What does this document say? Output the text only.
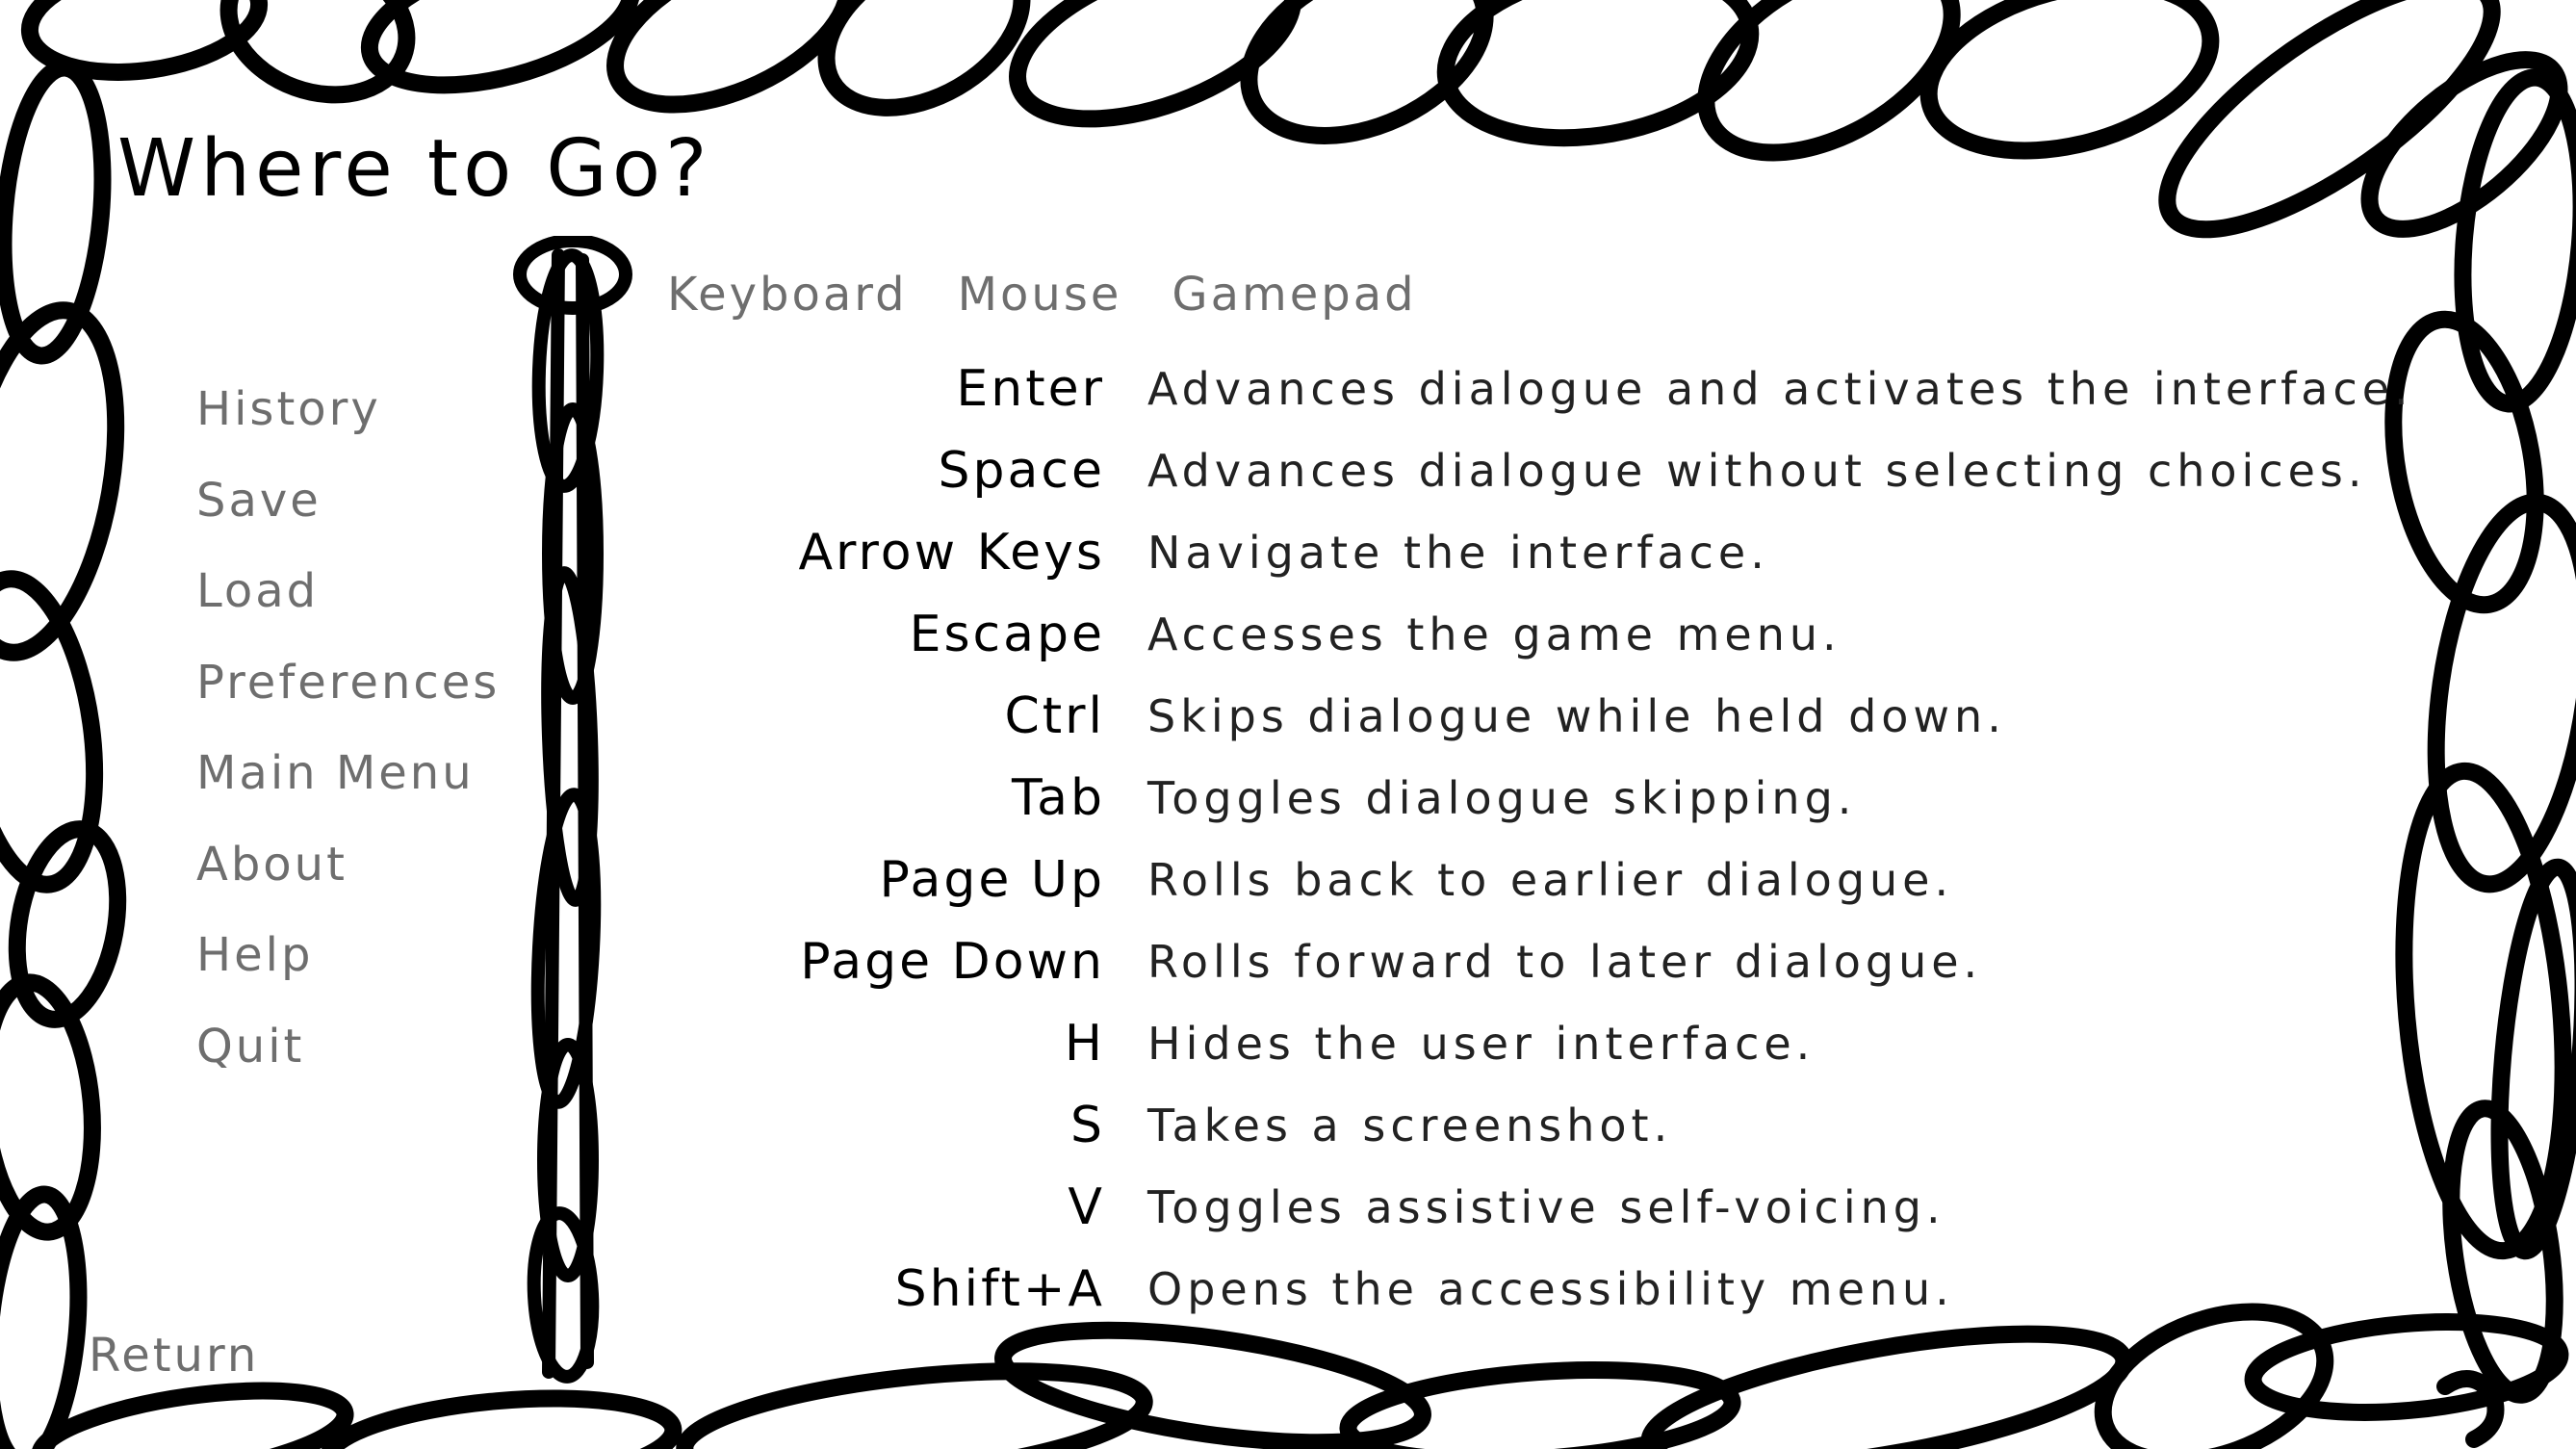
Where to Go?
History
Save
Load
Preferences
Main Menu
About
Help
Quit
Return
Keyboard Mouse Gamepad
Enter Advances dialogue and activates the interface.
Space Advances dialogue without selecting choices.
Arrow Keys Navigate the interface.
Escape Accesses the game menu.
Ctrl Skips dialogue while held down.
Tab Toggles dialogue skipping.
Page Up Rolls back to earlier dialogue.
Page Down Rolls forward to later dialogue.
H Hides the user interface.
S Takes a screenshot.
V Toggles assistive self-voicing.
Shift+A Opens the accessibility menu.
